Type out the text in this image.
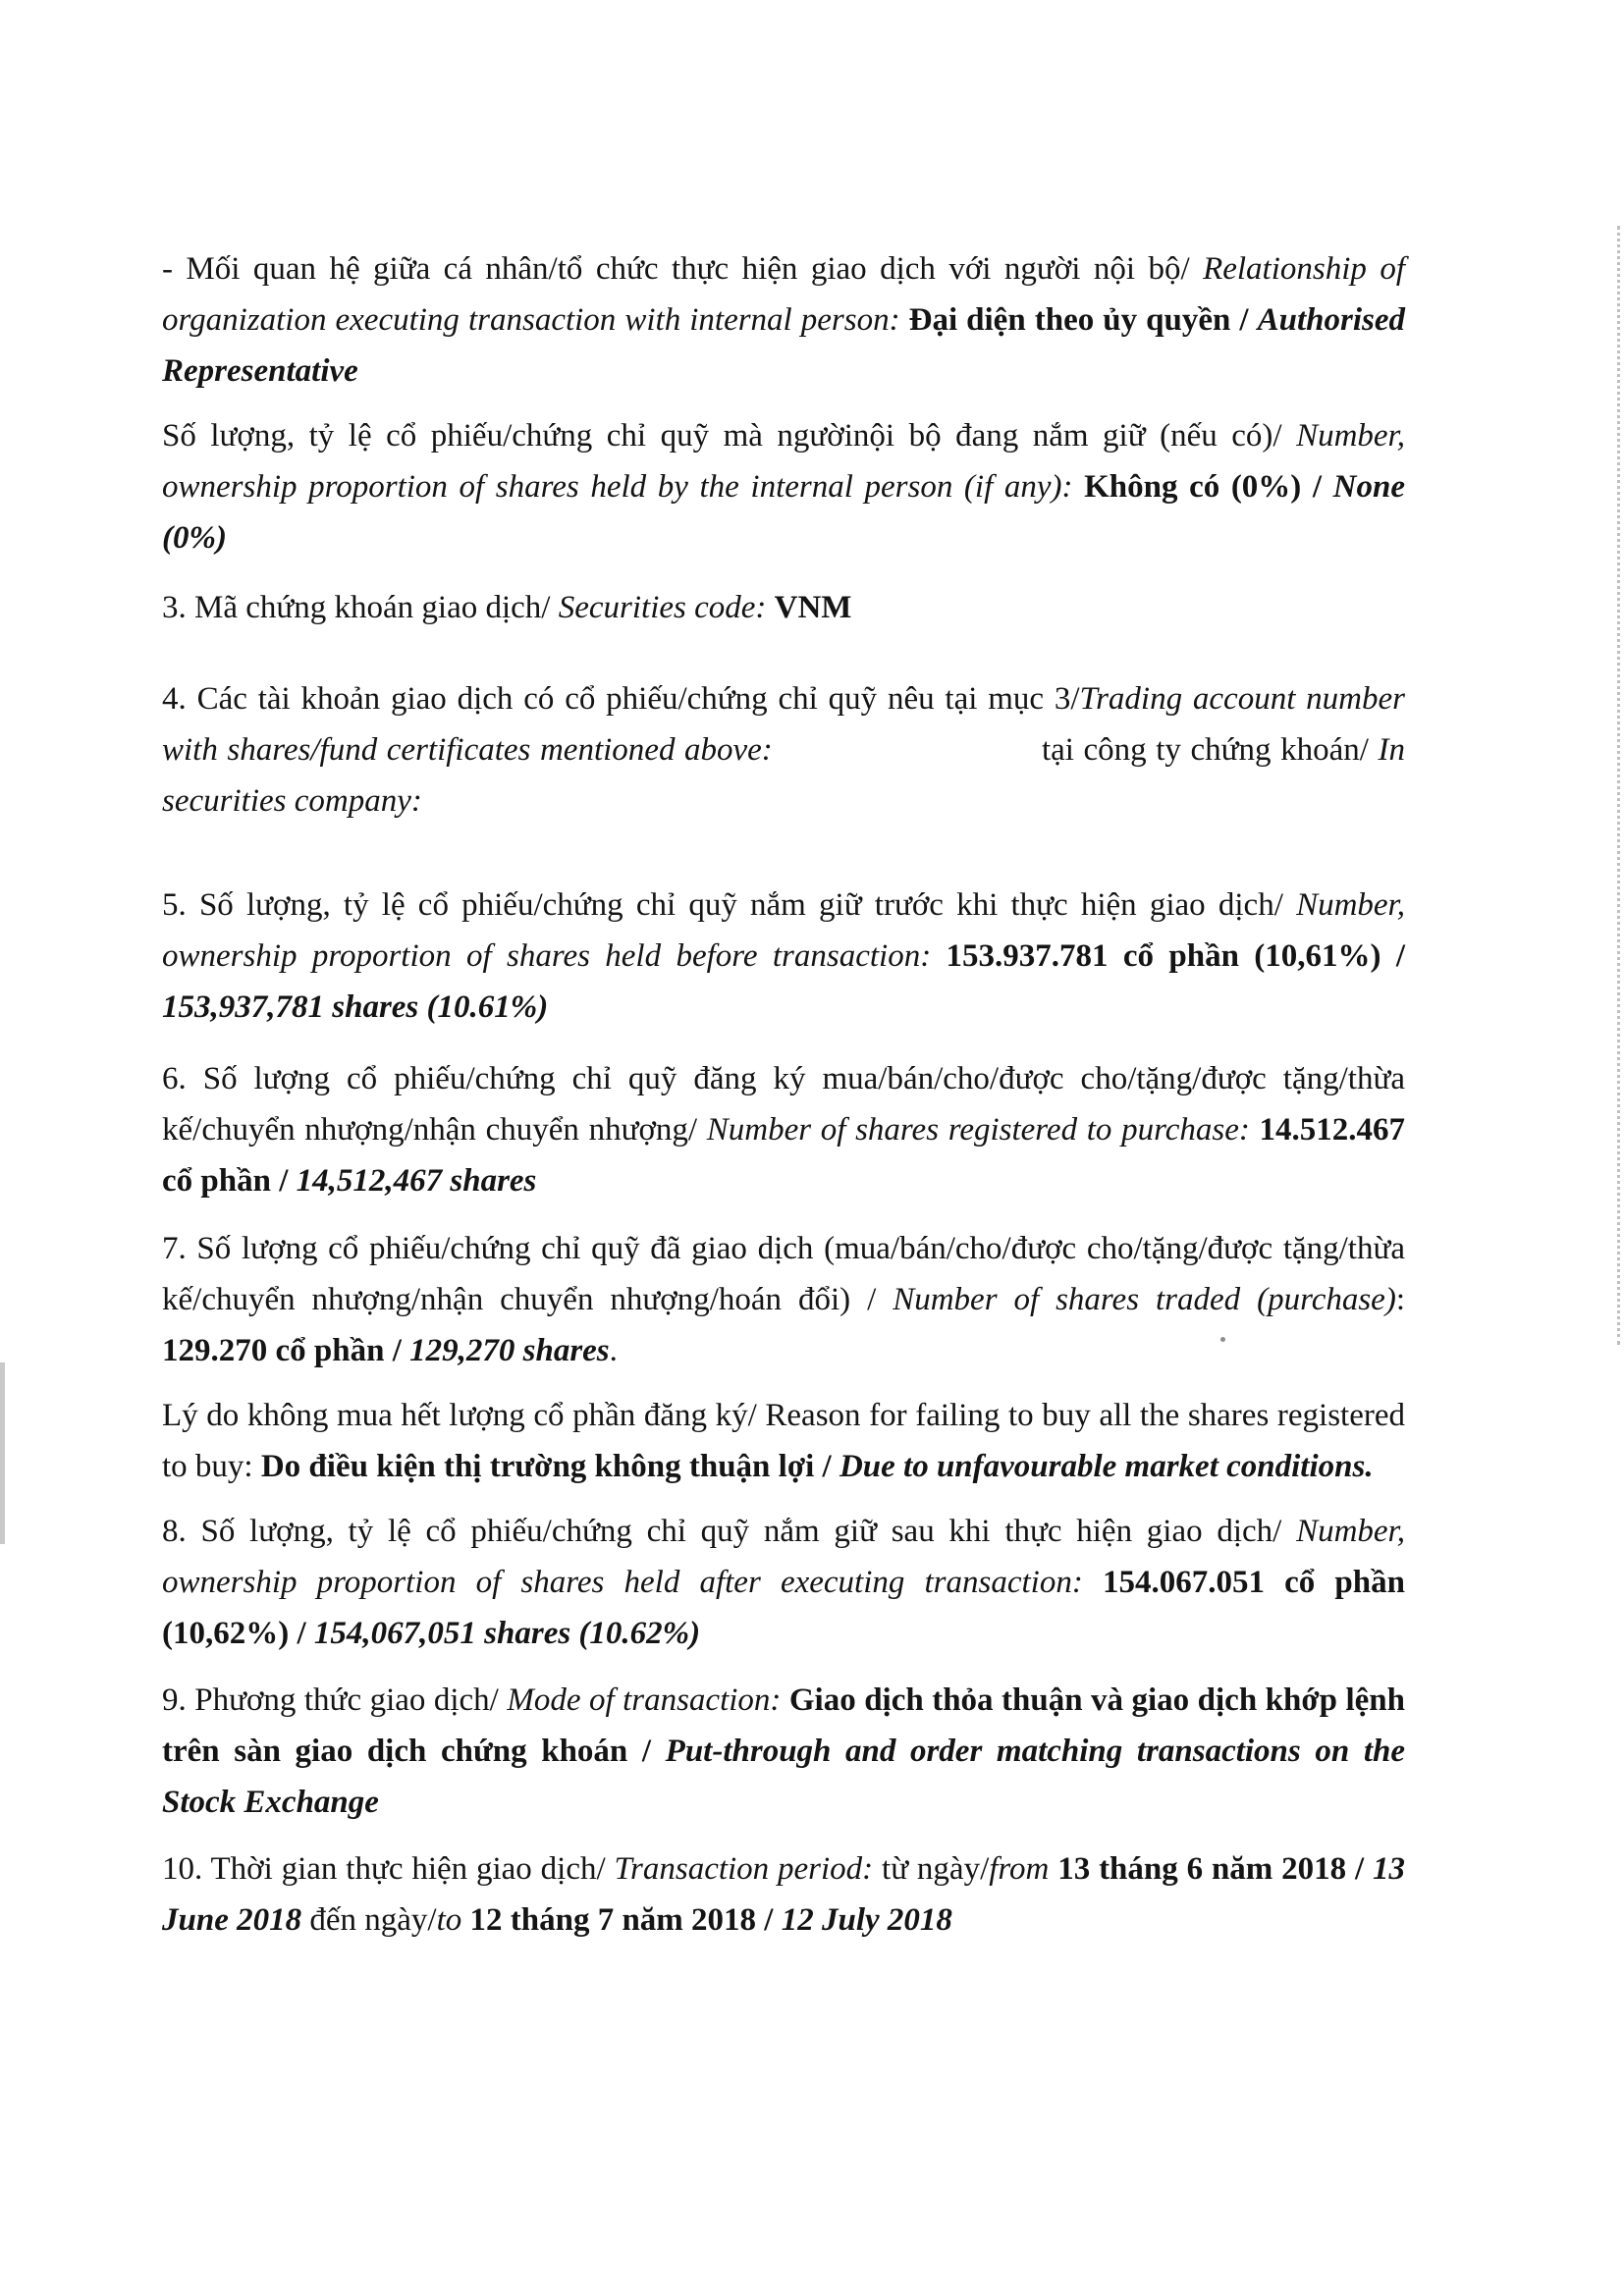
- Mối quan hệ giữa cá nhân/tổ chức thực hiện giao dịch với người nội bộ/ Relationship of organization executing transaction with internal person: Đại diện theo ủy quyền / Authorised Representative

Số lượng, tỷ lệ cổ phiếu/chứng chỉ quỹ mà ngườinội bộ đang nắm giữ (nếu có)/ Number, ownership proportion of shares held by the internal person (if any): Không có (0%) / None (0%)

3. Mã chứng khoán giao dịch/ Securities code: VNM

4. Các tài khoản giao dịch có cổ phiếu/chứng chỉ quỹ nêu tại mục 3/Trading account number with shares/fund certificates mentioned above:	tại công ty chứng khoán/ In securities company:

5. Số lượng, tỷ lệ cổ phiếu/chứng chỉ quỹ nắm giữ trước khi thực hiện giao dịch/ Number, ownership proportion of shares held before transaction: 153.937.781 cổ phần (10,61%) / 153,937,781 shares (10.61%)

6. Số lượng cổ phiếu/chứng chỉ quỹ đăng ký mua/bán/cho/được cho/tặng/được tặng/thừa kế/chuyển nhượng/nhận chuyển nhượng/ Number of shares registered to purchase: 14.512.467 cổ phần / 14,512,467 shares

7. Số lượng cổ phiếu/chứng chỉ quỹ đã giao dịch (mua/bán/cho/được cho/tặng/được tặng/thừa kế/chuyển nhượng/nhận chuyển nhượng/hoán đổi) / Number of shares traded (purchase): 129.270 cổ phần / 129,270 shares.

Lý do không mua hết lượng cổ phần đăng ký/ Reason for failing to buy all the shares registered to buy: Do điều kiện thị trường không thuận lợi / Due to unfavourable market conditions.

8. Số lượng, tỷ lệ cổ phiếu/chứng chỉ quỹ nắm giữ sau khi thực hiện giao dịch/ Number, ownership proportion of shares held after executing transaction: 154.067.051 cổ phần (10,62%) / 154,067,051 shares (10.62%)

9. Phương thức giao dịch/ Mode of transaction: Giao dịch thỏa thuận và giao dịch khớp lệnh trên sàn giao dịch chứng khoán / Put-through and order matching transactions on the Stock Exchange

10. Thời gian thực hiện giao dịch/ Transaction period: từ ngày/from 13 tháng 6 năm 2018 / 13 June 2018 đến ngày/to 12 tháng 7 năm 2018 / 12 July 2018
